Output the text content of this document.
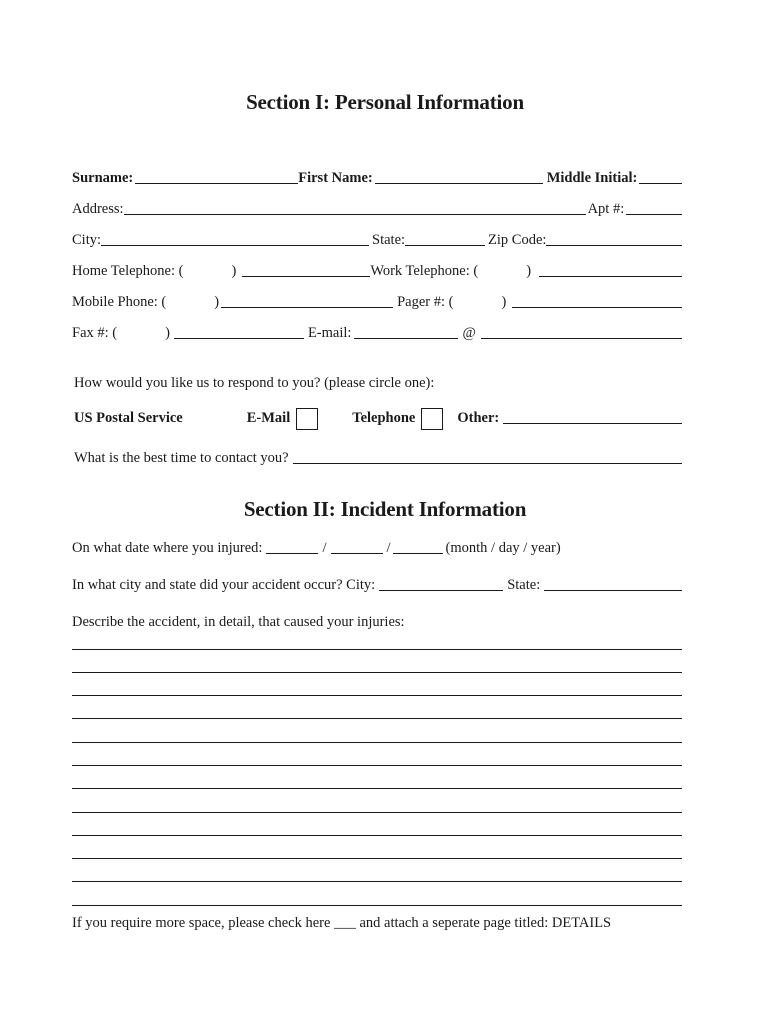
Section I: Personal Information
Surname:	First Name:	Middle Initial:
Address:	Apt #:
City:	State:	Zip Code:
Home Telephone: (	)	Work Telephone: (	)
Mobile Phone: (	)	Pager #: (	)
Fax #: (	)	E-mail:	@
How would you like us to respond to you? (please circle one):
US Postal Service	E-Mail	Telephone	Other:
What is the best time to contact you?
Section II: Incident Information
On what date where you injured:	/	/	(month / day / year)
In what city and state did your accident occur? City:	State:
Describe the accident, in detail, that caused your injuries:
If you require more space, please check here ___ and attach a seperate page titled: DETAILS
